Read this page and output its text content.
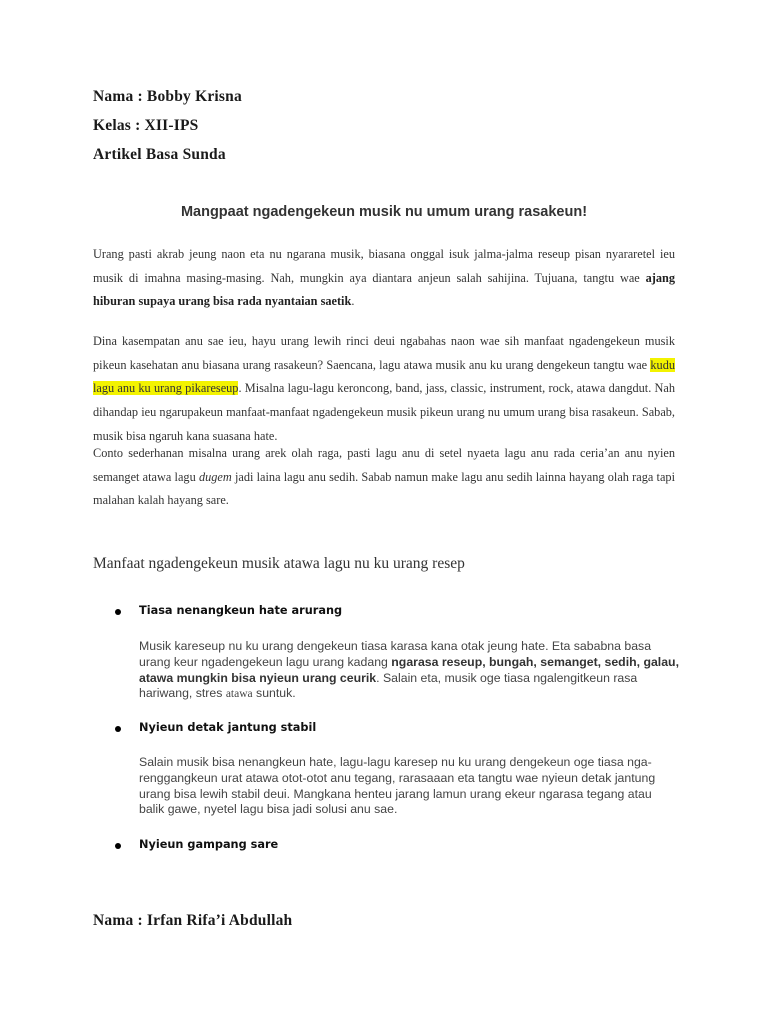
Nama : Bobby Krisna

Kelas : XII-IPS

Artikel Basa Sunda

Mangpaat ngadengekeun musik nu umum urang rasakeun!

Urang pasti akrab jeung naon eta nu ngarana musik, biasana onggal isuk jalma-jalma reseup pisan nyararetel ieu musik di imahna masing-masing. Nah, mungkin aya diantara anjeun salah sahijina. Tujuana, tangtu wae ajang hiburan supaya urang bisa rada nyantaian saetik.

Dina kasempatan anu sae ieu, hayu urang lewih rinci deui ngabahas naon wae sih manfaat ngadengekeun musik pikeun kasehatan anu biasana urang rasakeun? Saencana, lagu atawa musik anu ku urang dengekeun tangtu wae kudu lagu anu ku urang pikareseup. Misalna lagu-lagu keroncong, band, jass, classic, instrument, rock, atawa dangdut. Nah dihandap ieu ngarupakeun manfaat-manfaat ngadengekeun musik pikeun urang nu umum urang bisa rasakeun. Sabab, musik bisa ngaruh kana suasana hate.

Conto sederhanan misalna urang arek olah raga, pasti lagu anu di setel nyaeta lagu anu rada ceria’an anu nyien semanget atawa lagu dugem jadi laina lagu anu sedih. Sabab namun make lagu anu sedih lainna hayang olah raga tapi malahan kalah hayang sare.

Manfaat ngadengekeun musik atawa lagu nu ku urang resep
Tiasa nenangkeun hate arurang

Musik kareseup nu ku urang dengekeun tiasa karasa kana otak jeung hate. Eta sababna basa urang keur ngadengekeun lagu urang kadang ngarasa reseup, bungah, semanget, sedih, galau, atawa mungkin bisa nyieun urang ceurik. Salain eta, musik oge tiasa ngalengitkeun rasa hariwang, stres atawa suntuk.

Nyieun detak jantung stabil

Salain musik bisa nenangkeun hate, lagu-lagu karesep nu ku urang dengekeun oge tiasa nga-renggangkeun urat atawa otot-otot anu tegang, rarasaaan eta tangtu wae nyieun detak jantung urang bisa lewih stabil deui. Mangkana henteu jarang lamun urang ekeur ngarasa tegang atau balik gawe, nyetel lagu bisa jadi solusi anu sae.

Nyieun gampang sare

Nama : Irfan Rifa’i Abdullah
